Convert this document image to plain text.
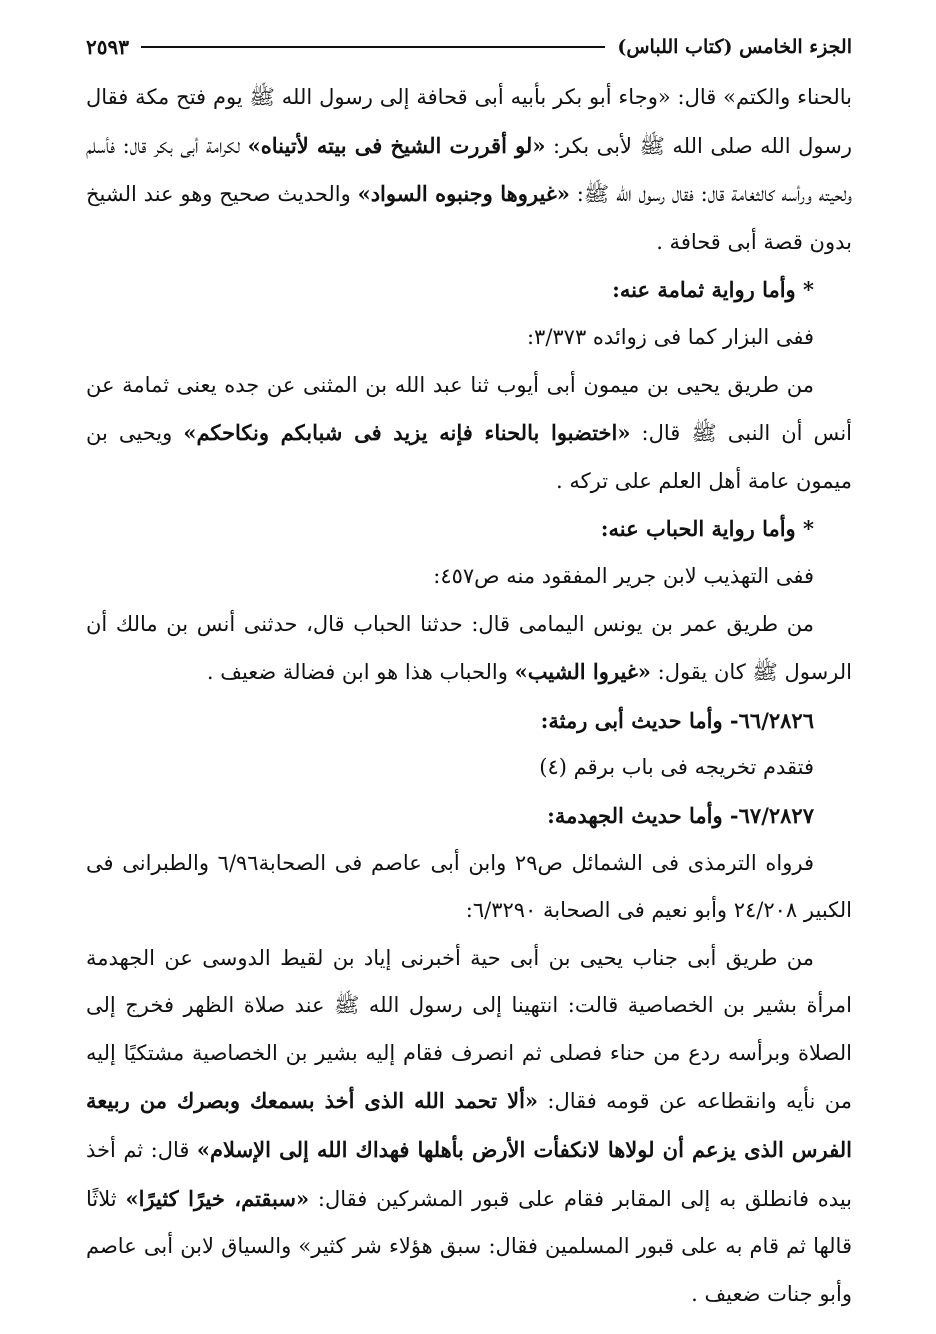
الجزء الخامس (كتاب اللباس)
٢٥٩٣

بالحناء والكتم» قال: «وجاء أبو بكر بأبيه أبى قحافة إلى رسول الله ﷺ يوم فتح مكة فقال رسول الله صلى الله ﷺ لأبى بكر: «لو أقررت الشيخ فى بيته لأتيناه» لكرامة أبى بكر قال: فأسلم ولحيته ورأسه كالثغامة قال: فقال رسول الله ﷺ: «غيروها وجنبوه السواد» والحديث صحيح وهو عند الشيخ بدون قصة أبى قحافة .

* وأما رواية ثمامة عنه:

ففى البزار كما فى زوائده ٣/٣٧٣:

من طريق يحيى بن ميمون أبى أيوب ثنا عبد الله بن المثنى عن جده يعنى ثمامة عن أنس أن النبى ﷺ قال: «اختضبوا بالحناء فإنه يزيد فى شبابكم ونكاحكم» ويحيى بن ميمون عامة أهل العلم على تركه .

* وأما رواية الحباب عنه:

ففى التهذيب لابن جرير المفقود منه ص٤٥٧:

من طريق عمر بن يونس اليمامى قال: حدثنا الحباب قال، حدثنى أنس بن مالك أن الرسول ﷺ كان يقول: «غيروا الشيب» والحباب هذا هو ابن فضالة ضعيف .

٦٦/٢٨٢٦- وأما حديث أبى رمثة:

فتقدم تخريجه فى باب برقم (٤)

٦٧/٢٨٢٧- وأما حديث الجهدمة:

فرواه الترمذى فى الشمائل ص٢٩ وابن أبى عاصم فى الصحابة٦/٩٦ والطبرانى فى الكبير ٢٤/٢٠٨ وأبو نعيم فى الصحابة ٦/٣٢٩٠:

من طريق أبى جناب يحيى بن أبى حية أخبرنى إياد بن لقيط الدوسى عن الجهدمة امرأة بشير بن الخصاصية قالت: انتهينا إلى رسول الله ﷺ عند صلاة الظهر فخرج إلى الصلاة وبرأسه ردع من حناء فصلى ثم انصرف فقام إليه بشير بن الخصاصية مشتكيًا إليه من نأيه وانقطاعه عن قومه فقال: «ألا تحمد الله الذى أخذ بسمعك وبصرك من ربيعة الفرس الذى يزعم أن لولاها لانكفأت الأرض بأهلها فهداك الله إلى الإسلام» قال: ثم أخذ بيده فانطلق به إلى المقابر فقام على قبور المشركين فقال: «سبقتم، خيرًا كثيرًا» ثلاثًا قالها ثم قام به على قبور المسلمين فقال: سبق هؤلاء شر كثير» والسياق لابن أبى عاصم وأبو جنات ضعيف .
